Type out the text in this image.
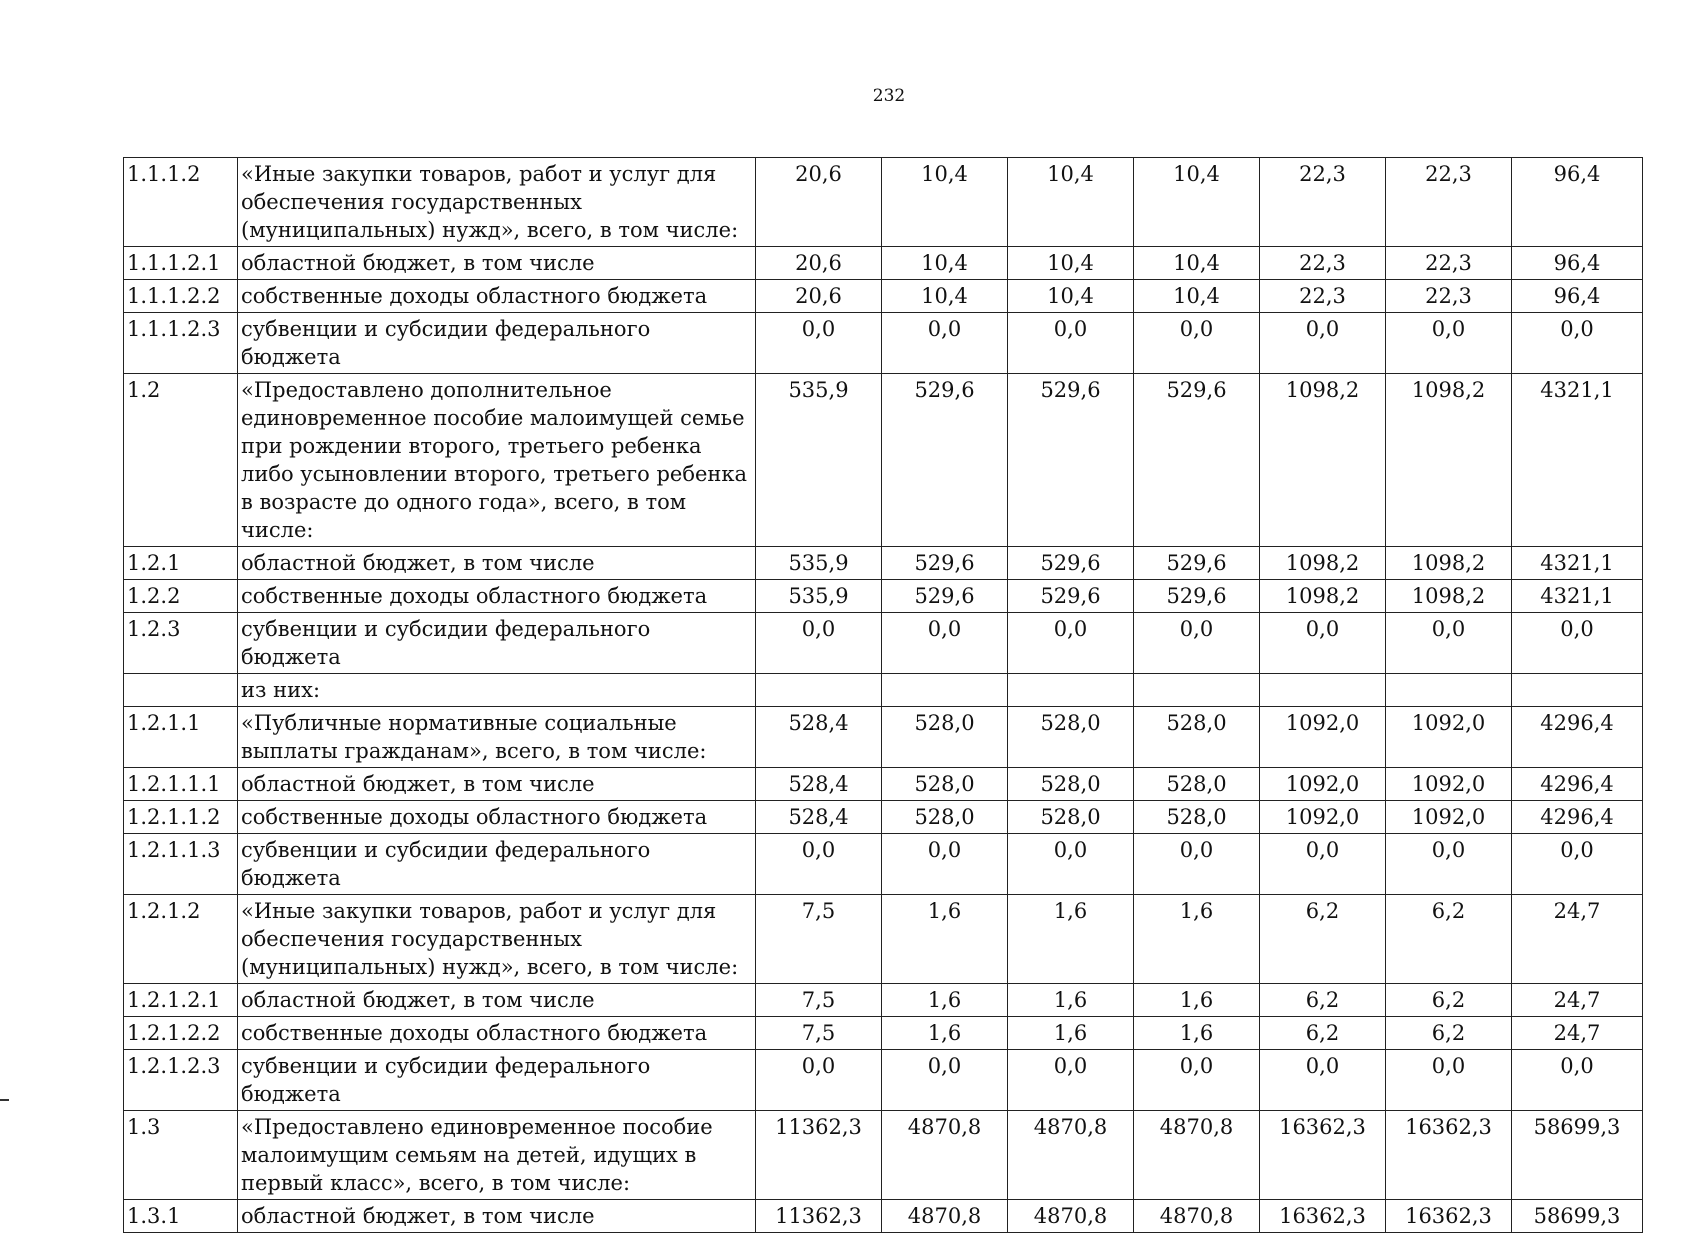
232
1.1.1.2	«Иные закупки товаров, работ и услуг для обеспечения государственных (муниципальных) нужд», всего, в том числе:	20,6	10,4	10,4	10,4	22,3	22,3	96,4
1.1.1.2.1	областной бюджет, в том числе	20,6	10,4	10,4	10,4	22,3	22,3	96,4
1.1.1.2.2	собственные доходы областного бюджета	20,6	10,4	10,4	10,4	22,3	22,3	96,4
1.1.1.2.3	субвенции и субсидии федерального бюджета	0,0	0,0	0,0	0,0	0,0	0,0	0,0
1.2	«Предоставлено дополнительное единовременное пособие малоимущей семье при рождении второго, третьего ребенка либо усыновлении второго, третьего ребенка в возрасте до одного года», всего, в том числе:	535,9	529,6	529,6	529,6	1098,2	1098,2	4321,1
1.2.1	областной бюджет, в том числе	535,9	529,6	529,6	529,6	1098,2	1098,2	4321,1
1.2.2	собственные доходы областного бюджета	535,9	529,6	529,6	529,6	1098,2	1098,2	4321,1
1.2.3	субвенции и субсидии федерального бюджета	0,0	0,0	0,0	0,0	0,0	0,0	0,0
	из них:							
1.2.1.1	«Публичные нормативные социальные выплаты гражданам», всего, в том числе:	528,4	528,0	528,0	528,0	1092,0	1092,0	4296,4
1.2.1.1.1	областной бюджет, в том числе	528,4	528,0	528,0	528,0	1092,0	1092,0	4296,4
1.2.1.1.2	собственные доходы областного бюджета	528,4	528,0	528,0	528,0	1092,0	1092,0	4296,4
1.2.1.1.3	субвенции и субсидии федерального бюджета	0,0	0,0	0,0	0,0	0,0	0,0	0,0
1.2.1.2	«Иные закупки товаров, работ и услуг для обеспечения государственных (муниципальных) нужд», всего, в том числе:	7,5	1,6	1,6	1,6	6,2	6,2	24,7
1.2.1.2.1	областной бюджет, в том числе	7,5	1,6	1,6	1,6	6,2	6,2	24,7
1.2.1.2.2	собственные доходы областного бюджета	7,5	1,6	1,6	1,6	6,2	6,2	24,7
1.2.1.2.3	субвенции и субсидии федерального бюджета	0,0	0,0	0,0	0,0	0,0	0,0	0,0
1.3	«Предоставлено единовременное пособие малоимущим семьям на детей, идущих в первый класс», всего, в том числе:	11362,3	4870,8	4870,8	4870,8	16362,3	16362,3	58699,3
1.3.1	областной бюджет, в том числе	11362,3	4870,8	4870,8	4870,8	16362,3	16362,3	58699,3
